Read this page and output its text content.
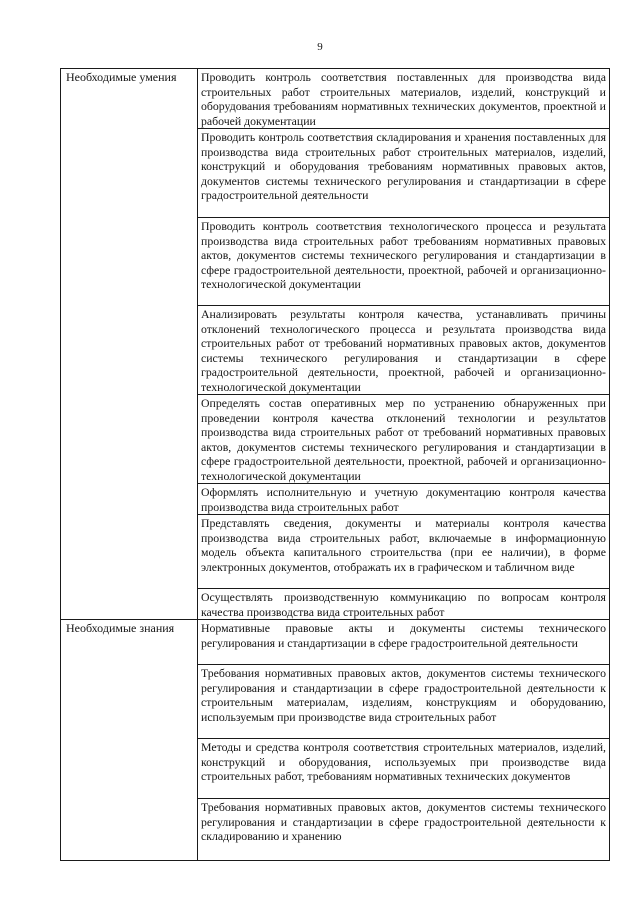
9
Необходимые умения	Проводить контроль соответствия поставленных для производства вида строительных работ строительных материалов, изделий, конструкций и оборудования требованиям нормативных технических документов, проектной и рабочей документации

	Проводить контроль соответствия складирования и хранения поставленных для производства вида строительных работ строительных материалов, изделий, конструкций и оборудования требованиям нормативных правовых актов, документов системы технического регулирования и стандартизации в сфере градостроительной деятельности

	Проводить контроль соответствия технологического процесса и результата производства вида строительных работ требованиям нормативных правовых актов, документов системы технического регулирования и стандартизации в сфере градостроительной деятельности, проектной, рабочей и организационно-технологической документации

	Анализировать результаты контроля качества, устанавливать причины отклонений технологического процесса и результата производства вида строительных работ от требований нормативных правовых актов, документов системы технического регулирования и стандартизации в сфере градостроительной деятельности, проектной, рабочей и организационно-технологической документации

	Определять состав оперативных мер по устранению обнаруженных при проведении контроля качества отклонений технологии и результатов производства вида строительных работ от требований нормативных правовых актов, документов системы технического регулирования и стандартизации в сфере градостроительной деятельности, проектной, рабочей и организационно-технологической документации

	Оформлять исполнительную и учетную документацию контроля качества производства вида строительных работ

	Представлять сведения, документы и материалы контроля качества производства вида строительных работ, включаемые в информационную модель объекта капитального строительства (при ее наличии), в форме электронных документов, отображать их в графическом и табличном виде

	Осуществлять производственную коммуникацию по вопросам контроля качества производства вида строительных работ

Необходимые знания	Нормативные правовые акты и документы системы технического регулирования и стандартизации в сфере градостроительной деятельности

	Требования нормативных правовых актов, документов системы технического регулирования и стандартизации в сфере градостроительной деятельности к строительным материалам, изделиям, конструкциям и оборудованию, используемым при производстве вида строительных работ

	Методы и средства контроля соответствия строительных материалов, изделий, конструкций и оборудования, используемых при производстве вида строительных работ, требованиям нормативных технических документов

	Требования нормативных правовых актов, документов системы технического регулирования и стандартизации в сфере градостроительной деятельности к складированию и хранению
